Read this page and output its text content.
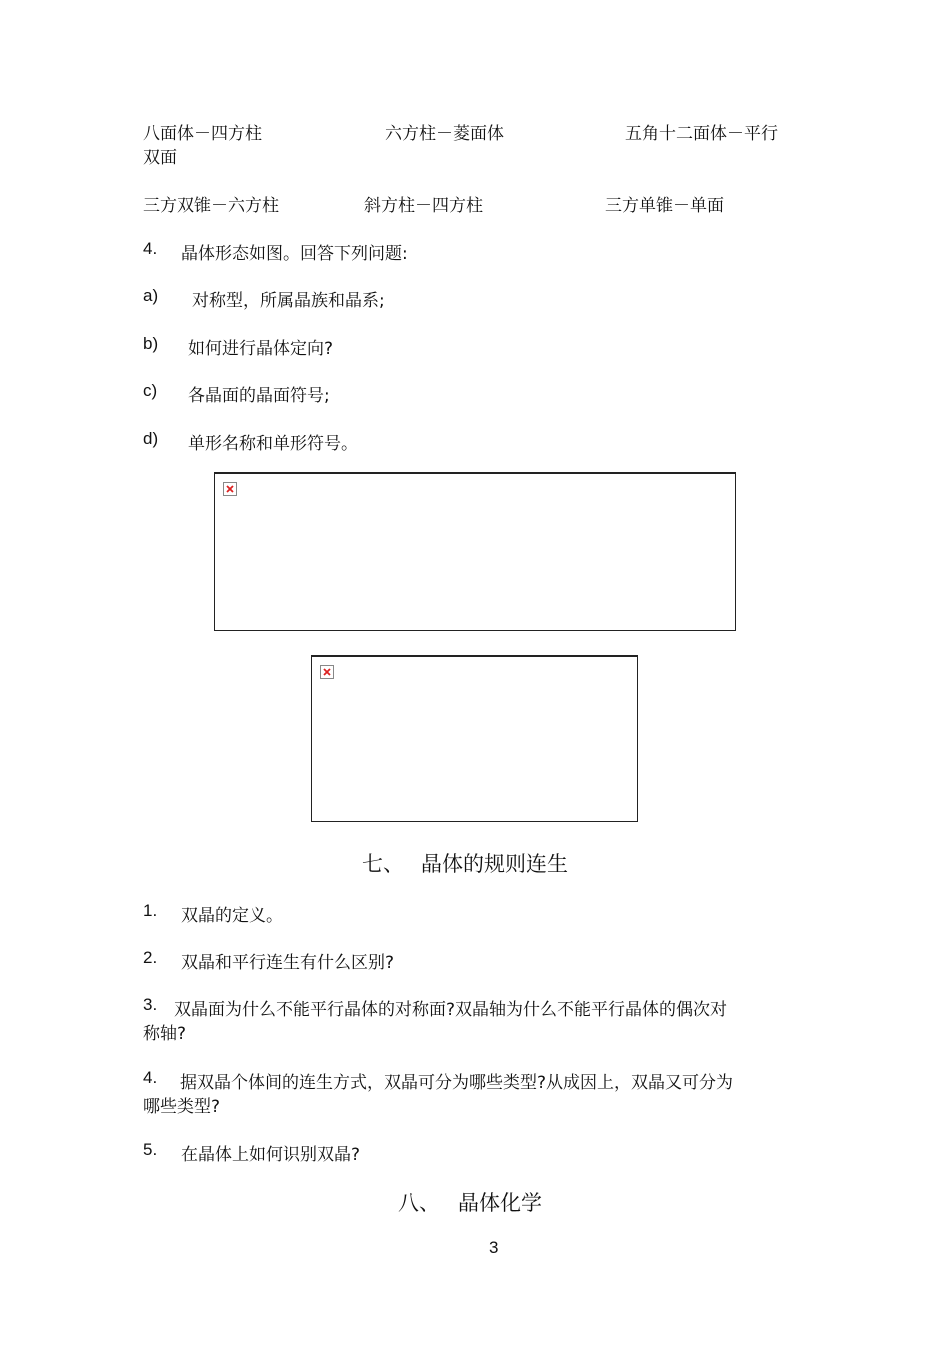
八面体－四方柱	六方柱－菱面体	五角十二面体－平行
双面
三方双锥－六方柱	斜方柱－四方柱	三方单锥－单面
4. 晶体形态如图。回答下列问题:
a) 对称型，所属晶族和晶系;
b) 如何进行晶体定向?
c) 各晶面的晶面符号;
d) 单形名称和单形符号。
七、 晶体的规则连生
1. 双晶的定义。
2. 双晶和平行连生有什么区别?
3. 双晶面为什么不能平行晶体的对称面?双晶轴为什么不能平行晶体的偶次对
称轴?
4. 据双晶个体间的连生方式，双晶可分为哪些类型?从成因上，双晶又可分为
哪些类型?
5. 在晶体上如何识别双晶?
八、 晶体化学
3
